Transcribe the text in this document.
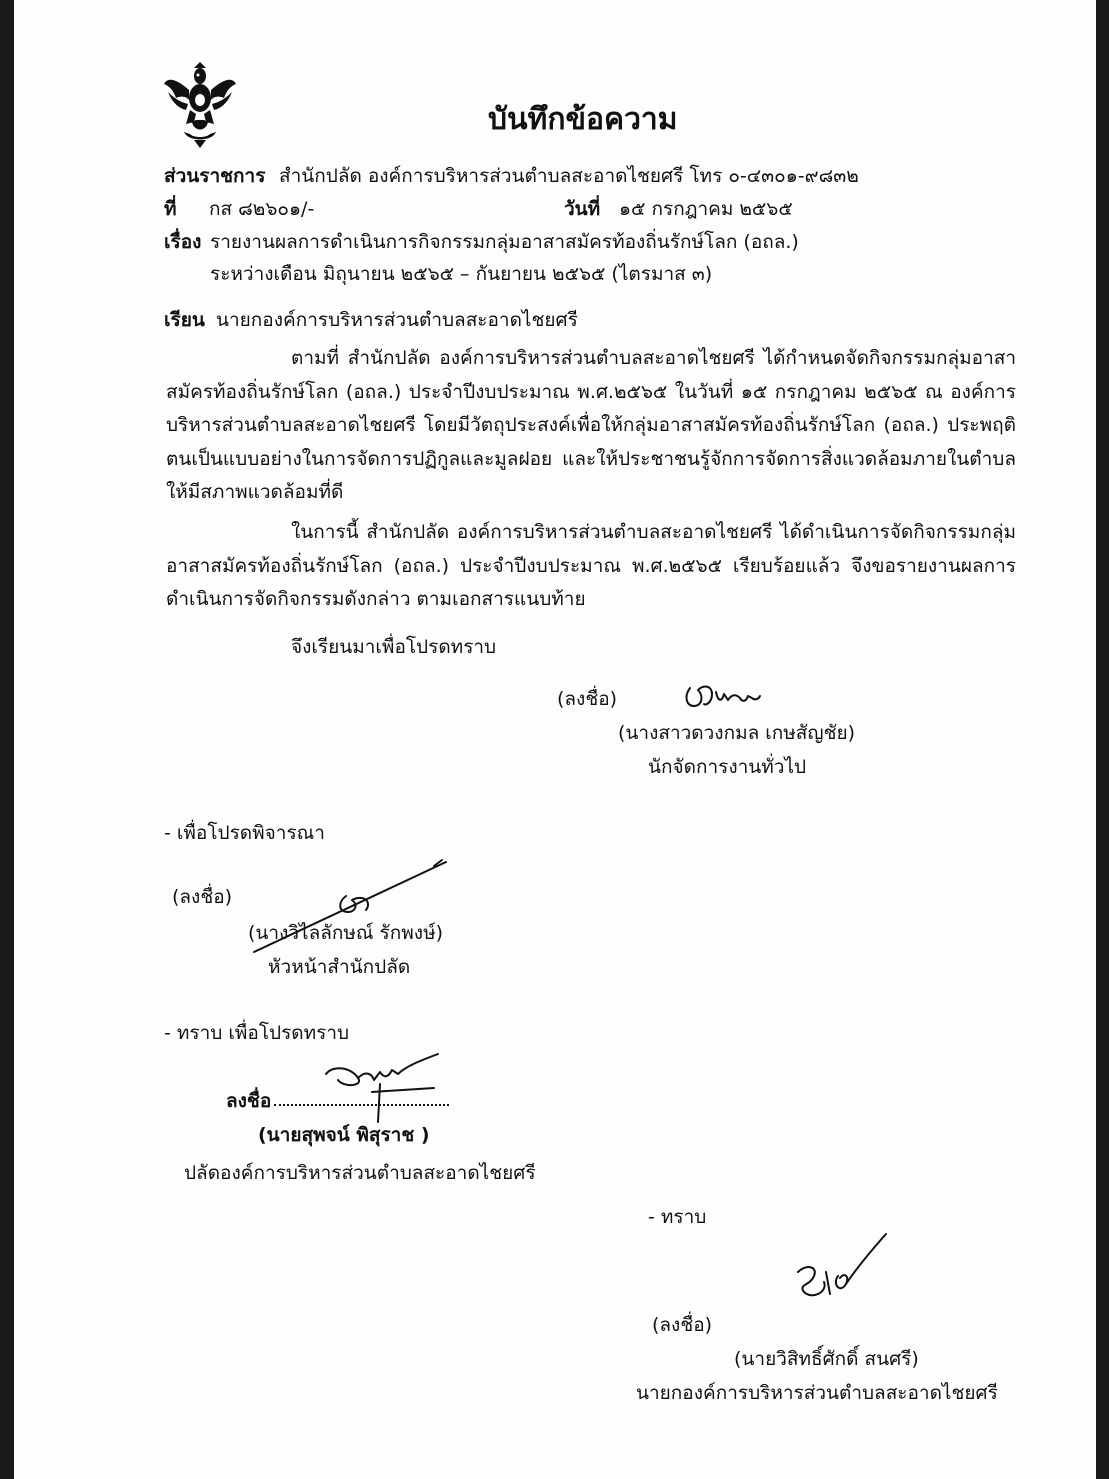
บันทึกข้อความ
ส่วนราชการ สำนักปลัด องค์การบริหารส่วนตำบลสะอาดไชยศรี โทร ๐-๔๓๐๑-๙๘๓๒
ที่ กส ๘๒๖๐๑/-	วันที่ ๑๕ กรกฎาคม ๒๕๖๕
เรื่อง รายงานผลการดำเนินการกิจกรรมกลุ่มอาสาสมัครท้องถิ่นรักษ์โลก (อถล.)
ระหว่างเดือน มิถุนายน ๒๕๖๕ – กันยายน ๒๕๖๕ (ไตรมาส ๓)
เรียน นายกองค์การบริหารส่วนตำบลสะอาดไชยศรี
ตามที่ สำนักปลัด องค์การบริหารส่วนตำบลสะอาดไชยศรี ได้กำหนดจัดกิจกรรมกลุ่มอาสาสมัครท้องถิ่นรักษ์โลก (อถล.) ประจำปีงบประมาณ พ.ศ.๒๕๖๕ ในวันที่ ๑๕ กรกฎาคม ๒๕๖๕ ณ องค์การบริหารส่วนตำบลสะอาดไชยศรี โดยมีวัตถุประสงค์เพื่อให้กลุ่มอาสาสมัครท้องถิ่นรักษ์โลก (อถล.) ประพฤติตนเป็นแบบอย่างในการจัดการปฏิกูลและมูลฝอย และให้ประชาชนรู้จักการจัดการสิ่งแวดล้อมภายในตำบลให้มีสภาพแวดล้อมที่ดี
ในการนี้ สำนักปลัด องค์การบริหารส่วนตำบลสะอาดไชยศรี ได้ดำเนินการจัดกิจกรรมกลุ่มอาสาสมัครท้องถิ่นรักษ์โลก (อถล.) ประจำปีงบประมาณ พ.ศ.๒๕๖๕ เรียบร้อยแล้ว จึงขอรายงานผลการดำเนินการจัดกิจกรรมดังกล่าว ตามเอกสารแนบท้าย
จึงเรียนมาเพื่อโปรดทราบ
(ลงชื่อ)
(นางสาวดวงกมล เกษสัญชัย)
นักจัดการงานทั่วไป
- เพื่อโปรดพิจารณา
(ลงชื่อ)
(นางวิไลลักษณ์ รักพงษ์)
หัวหน้าสำนักปลัด
- ทราบ เพื่อโปรดทราบ
ลงชื่อ
(นายสุพจน์ พิสุราช )
ปลัดองค์การบริหารส่วนตำบลสะอาดไชยศรี
- ทราบ
(ลงชื่อ)
(นายวิสิทธิ์ศักดิ์ สนศรี)
นายกองค์การบริหารส่วนตำบลสะอาดไชยศรี
